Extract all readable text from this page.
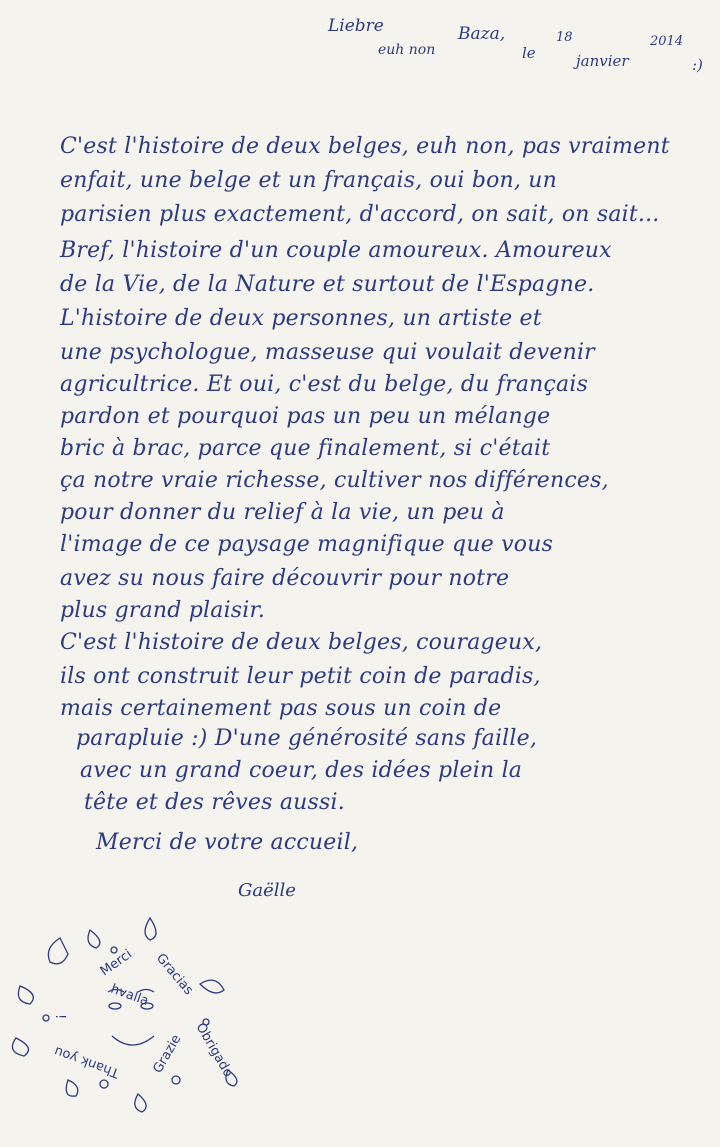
Liebre
euh non
Baza,
le
18
janvier
2014
:)
C'est l'histoire de deux belges, euh non, pas vraiment
enfait, une belge et un français, oui bon, un
parisien plus exactement, d'accord, on sait, on sait...
Bref, l'histoire d'un couple amoureux. Amoureux
de la Vie, de la Nature et surtout de l'Espagne.
L'histoire de deux personnes, un artiste et
une psychologue, masseuse qui voulait devenir
agricultrice. Et oui, c'est du belge, du français
pardon et pourquoi pas un peu un mélange
bric à brac, parce que finalement, si c'était
ça notre vraie richesse, cultiver nos différences,
pour donner du relief à la vie, un peu à
l'image de ce paysage magnifique que vous
avez su nous faire découvrir pour notre
plus grand plaisir.
C'est l'histoire de deux belges, courageux,
ils ont construit leur petit coin de paradis,
mais certainement pas sous un coin de
parapluie :) D'une générosité sans faille,
avec un grand coeur, des idées plein la
tête et des rêves aussi.
Merci de votre accueil,
Gaëlle
Merci Gracias
hvalla
Obrigado
Grazie
Thank you
!
